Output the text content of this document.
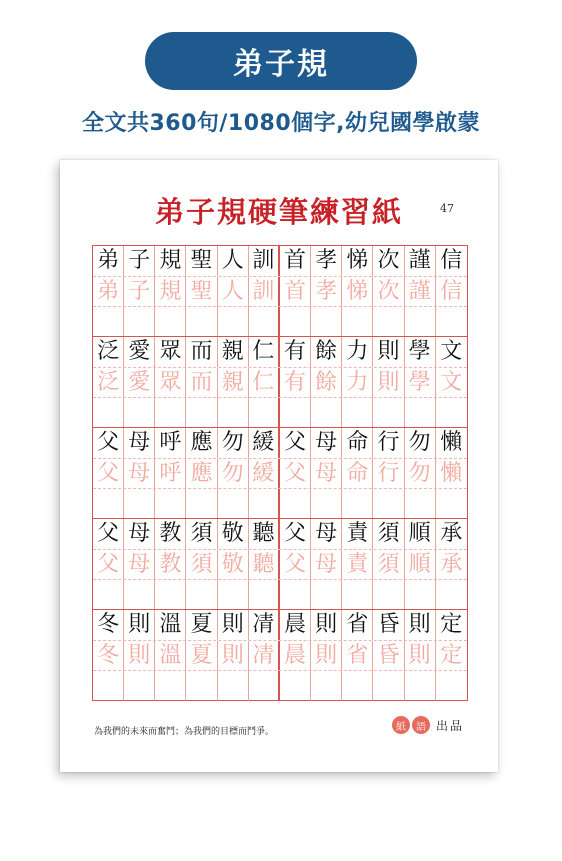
弟子規
全文共360句/1080個字,幼兒國學啟蒙
弟子規硬筆練習紙	47
弟 子 規 聖 人 訓 首 孝 悌 次 謹 信
弟 子 規 聖 人 訓 首 孝 悌 次 謹 信
泛 愛 眾 而 親 仁 有 餘 力 則 學 文
泛 愛 眾 而 親 仁 有 餘 力 則 學 文
父 母 呼 應 勿 緩 父 母 命 行 勿 懶
父 母 呼 應 勿 緩 父 母 命 行 勿 懶
父 母 教 須 敬 聽 父 母 責 須 順 承
父 母 教 須 敬 聽 父 母 責 須 順 承
冬 則 溫 夏 則 凊 晨 則 省 昏 則 定
冬 則 溫 夏 則 凊 晨 則 省 昏 則 定
為我們的未來而奮鬥；為我們的目標而鬥爭。	紙	語 出品
